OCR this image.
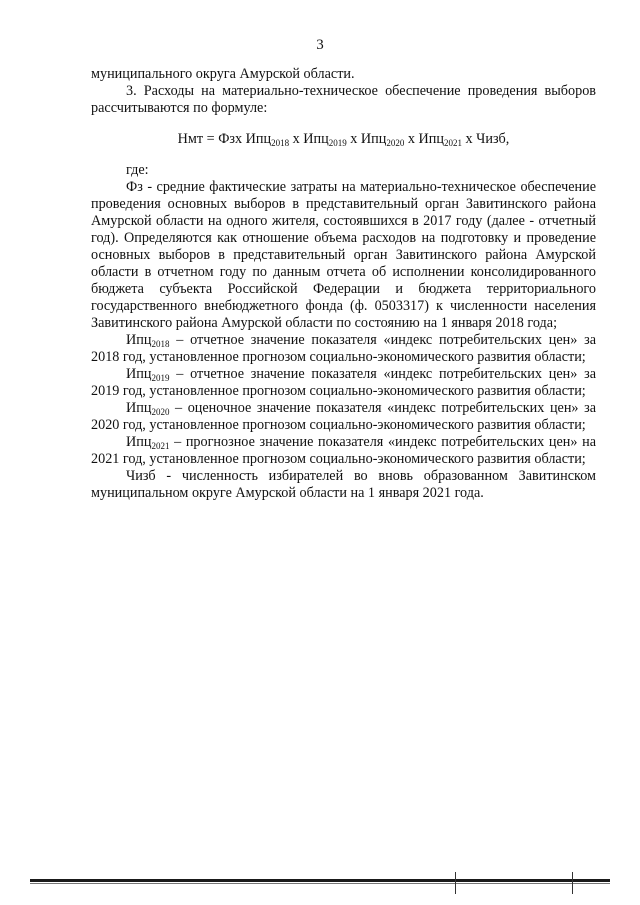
3

муниципального округа Амурской области.

3. Расходы на материально-техническое обеспечение проведения выборов рассчитываются по формуле:

Нмт = Фзх Ипц$_{2018}$ х Ипц$_{2019}$ х Ипц$_{2020}$ х Ипц$_{2021}$ х Чизб,

где:

Фз - средние фактические затраты на материально-техническое обеспечение проведения основных выборов в представительный орган Завитинского района Амурской области на одного жителя, состоявшихся в 2017 году (далее - отчетный год). Определяются как отношение объема расходов на подготовку и проведение основных выборов в представительный орган Завитинского района Амурской области в отчетном году по данным отчета об исполнении консолидированного бюджета субъекта Российской Федерации и бюджета территориального государственного внебюджетного фонда (ф. 0503317) к численности населения Завитинского района Амурской области по состоянию на 1 января 2018 года;

Ипц$_{2018}$ – отчетное значение показателя «индекс потребительских цен» за 2018 год, установленное прогнозом социально-экономического развития области;

Ипц$_{2019}$ – отчетное значение показателя «индекс потребительских цен» за 2019 год, установленное прогнозом социально-экономического развития области;

Ипц$_{2020}$ – оценочное значение показателя «индекс потребительских цен» за 2020 год, установленное прогнозом социально-экономического развития области;

Ипц$_{2021}$ – прогнозное значение показателя «индекс потребительских цен» на 2021 год, установленное прогнозом социально-экономического развития области;

Чизб - численность избирателей во вновь образованном Завитинском муниципальном округе Амурской области на 1 января 2021 года.
